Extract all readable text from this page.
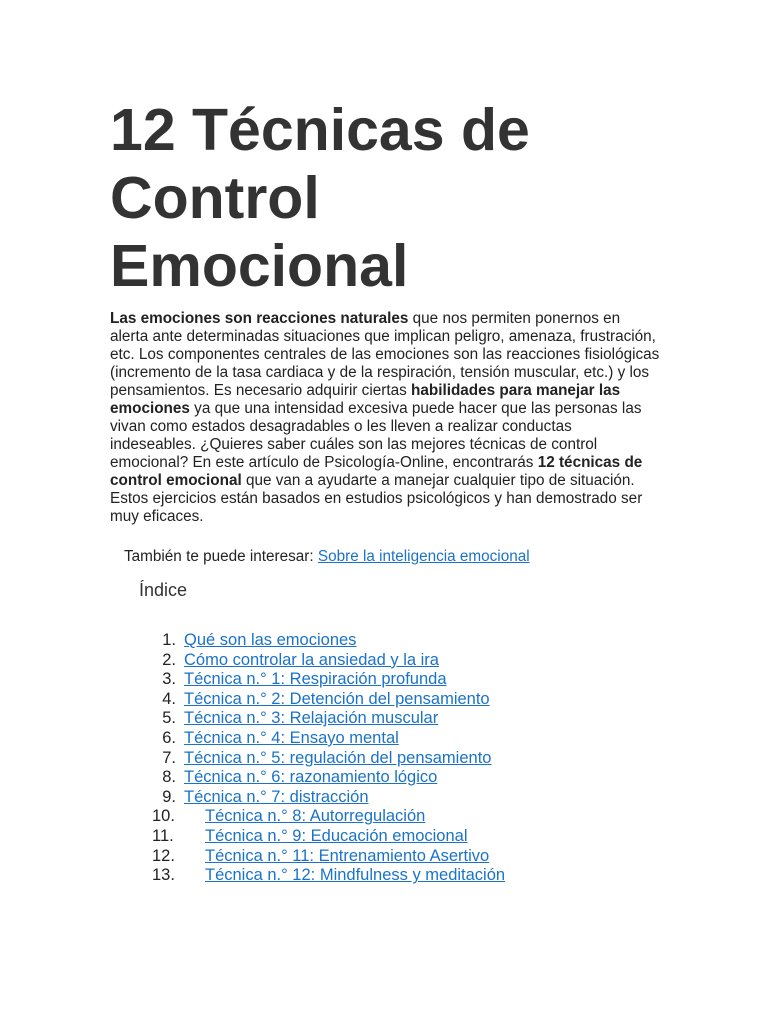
12 Técnicas de
Control
Emocional

Las emociones son reacciones naturales que nos permiten ponernos en alerta ante determinadas situaciones que implican peligro, amenaza, frustración, etc. Los componentes centrales de las emociones son las reacciones fisiológicas (incremento de la tasa cardiaca y de la respiración, tensión muscular, etc.) y los pensamientos. Es necesario adquirir ciertas habilidades para manejar las emociones ya que una intensidad excesiva puede hacer que las personas las vivan como estados desagradables o les lleven a realizar conductas indeseables. ¿Quieres saber cuáles son las mejores técnicas de control emocional? En este artículo de Psicología-Online, encontrarás 12 técnicas de control emocional que van a ayudarte a manejar cualquier tipo de situación. Estos ejercicios están basados en estudios psicológicos y han demostrado ser muy eficaces.

También te puede interesar: Sobre la inteligencia emocional

Índice
1. Qué son las emociones
2. Cómo controlar la ansiedad y la ira
3. Técnica n.° 1: Respiración profunda
4. Técnica n.° 2: Detención del pensamiento
5. Técnica n.° 3: Relajación muscular
6. Técnica n.° 4: Ensayo mental
7. Técnica n.° 5: regulación del pensamiento
8. Técnica n.° 6: razonamiento lógico
9. Técnica n.° 7: distracción
10.	Técnica n.° 8: Autorregulación
11.	Técnica n.° 9: Educación emocional
12.	Técnica n.° 11: Entrenamiento Asertivo
13.	Técnica n.° 12: Mindfulness y meditación
